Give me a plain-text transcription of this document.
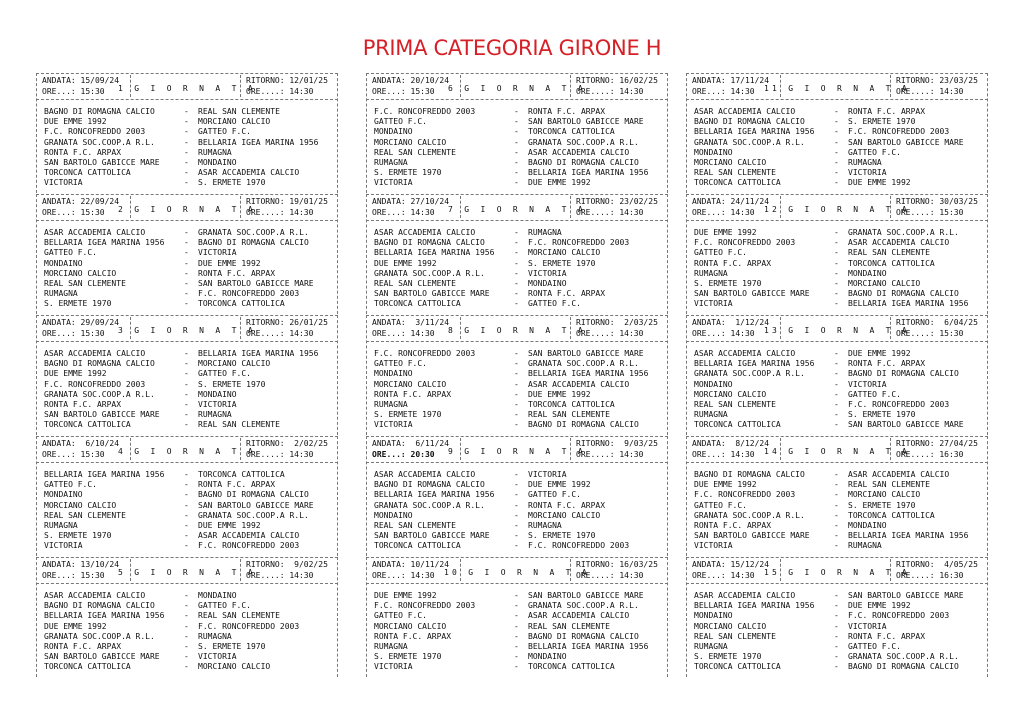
PRIMA CATEGORIA GIRONE H
ANDATA: 15/09/24
ORE...: 15:30	1 G I O R N A T A
RITORNO: 12/01/25
ORE....: 14:30
BAGNO DI ROMAGNA CALCIO	- REAL SAN CLEMENTE
DUE EMME 1992	- MORCIANO CALCIO
F.C. RONCOFREDDO 2003	- GATTEO F.C.
GRANATA SOC.COOP.A R.L.	- BELLARIA IGEA MARINA 1956
RONTA F.C. ARPAX	- RUMAGNA
SAN BARTOLO GABICCE MARE	- MONDAINO
TORCONCA CATTOLICA	- ASAR ACCADEMIA CALCIO
VICTORIA	- S. ERMETE 1970
ANDATA: 22/09/24
ORE...: 15:30	2 G I O R N A T A
RITORNO: 19/01/25
ORE....: 14:30
ASAR ACCADEMIA CALCIO	- GRANATA SOC.COOP.A R.L.
BELLARIA IGEA MARINA 1956 - BAGNO DI ROMAGNA CALCIO
GATTEO F.C.	- VICTORIA
MONDAINO	- DUE EMME 1992
MORCIANO CALCIO	- RONTA F.C. ARPAX
REAL SAN CLEMENTE	- SAN BARTOLO GABICCE MARE
RUMAGNA	- F.C. RONCOFREDDO 2003
S. ERMETE 1970	- TORCONCA CATTOLICA
ANDATA: 29/09/24
ORE...: 15:30	3 G I O R N A T A
RITORNO: 26/01/25
ORE....: 14:30
ASAR ACCADEMIA CALCIO	- BELLARIA IGEA MARINA 1956
BAGNO DI ROMAGNA CALCIO	- MORCIANO CALCIO
DUE EMME 1992	- GATTEO F.C.
F.C. RONCOFREDDO 2003	- S. ERMETE 1970
GRANATA SOC.COOP.A R.L.	- MONDAINO
RONTA F.C. ARPAX	- VICTORIA
SAN BARTOLO GABICCE MARE	- RUMAGNA
TORCONCA CATTOLICA	- REAL SAN CLEMENTE
ANDATA:  6/10/24
ORE...: 15:30	4 G I O R N A T A
RITORNO:  2/02/25
ORE....: 14:30
BELLARIA IGEA MARINA 1956 - TORCONCA CATTOLICA
GATTEO F.C.	- RONTA F.C. ARPAX
MONDAINO	- BAGNO DI ROMAGNA CALCIO
MORCIANO CALCIO	- SAN BARTOLO GABICCE MARE
REAL SAN CLEMENTE	- GRANATA SOC.COOP.A R.L.
RUMAGNA	- DUE EMME 1992
S. ERMETE 1970	- ASAR ACCADEMIA CALCIO
VICTORIA	- F.C. RONCOFREDDO 2003
ANDATA: 13/10/24
ORE...: 15:30	5 G I O R N A T A
RITORNO:  9/02/25
ORE....: 14:30
ASAR ACCADEMIA CALCIO	- MONDAINO
BAGNO DI ROMAGNA CALCIO	- GATTEO F.C.
BELLARIA IGEA MARINA 1956 - REAL SAN CLEMENTE
DUE EMME 1992	- F.C. RONCOFREDDO 2003
GRANATA SOC.COOP.A R.L.	- RUMAGNA
RONTA F.C. ARPAX	- S. ERMETE 1970
SAN BARTOLO GABICCE MARE	- VICTORIA
TORCONCA CATTOLICA	- MORCIANO CALCIO
ANDATA: 20/10/24
ORE...: 15:30	6 G I O R N A T A
RITORNO: 16/02/25
ORE....: 14:30
F.C. RONCOFREDDO 2003	- RONTA F.C. ARPAX
GATTEO F.C.	- SAN BARTOLO GABICCE MARE
MONDAINO	- TORCONCA CATTOLICA
MORCIANO CALCIO	- GRANATA SOC.COOP.A R.L.
REAL SAN CLEMENTE	- ASAR ACCADEMIA CALCIO
RUMAGNA	- BAGNO DI ROMAGNA CALCIO
S. ERMETE 1970	- BELLARIA IGEA MARINA 1956
VICTORIA	- DUE EMME 1992
ANDATA: 27/10/24
ORE...: 14:30	7 G I O R N A T A
RITORNO: 23/02/25
ORE....: 14:30
ASAR ACCADEMIA CALCIO	- RUMAGNA
BAGNO DI ROMAGNA CALCIO	- F.C. RONCOFREDDO 2003
BELLARIA IGEA MARINA 1956 - MORCIANO CALCIO
DUE EMME 1992	- S. ERMETE 1970
GRANATA SOC.COOP.A R.L.	- VICTORIA
REAL SAN CLEMENTE	- MONDAINO
SAN BARTOLO GABICCE MARE	- RONTA F.C. ARPAX
TORCONCA CATTOLICA	- GATTEO F.C.
ANDATA:  3/11/24
ORE...: 14:30	8 G I O R N A T A
RITORNO:  2/03/25
ORE....: 14:30
F.C. RONCOFREDDO 2003	- SAN BARTOLO GABICCE MARE
GATTEO F.C.	- GRANATA SOC.COOP.A R.L.
MONDAINO	- BELLARIA IGEA MARINA 1956
MORCIANO CALCIO	- ASAR ACCADEMIA CALCIO
RONTA F.C. ARPAX	- DUE EMME 1992
RUMAGNA	- TORCONCA CATTOLICA
S. ERMETE 1970	- REAL SAN CLEMENTE
VICTORIA	- BAGNO DI ROMAGNA CALCIO
ANDATA:  6/11/24
ORE...: 20:30	9 G I O R N A T A
RITORNO:  9/03/25
ORE....: 14:30
ASAR ACCADEMIA CALCIO	- VICTORIA
BAGNO DI ROMAGNA CALCIO	- DUE EMME 1992
BELLARIA IGEA MARINA 1956 - GATTEO F.C.
GRANATA SOC.COOP.A R.L.	- RONTA F.C. ARPAX
MONDAINO	- MORCIANO CALCIO
REAL SAN CLEMENTE	- RUMAGNA
SAN BARTOLO GABICCE MARE	- S. ERMETE 1970
TORCONCA CATTOLICA	- F.C. RONCOFREDDO 2003
ANDATA: 10/11/24
ORE...: 14:30	10 G I O R N A T A
RITORNO: 16/03/25
ORE....: 14:30
DUE EMME 1992	- SAN BARTOLO GABICCE MARE
F.C. RONCOFREDDO 2003	- GRANATA SOC.COOP.A R.L.
GATTEO F.C.	- ASAR ACCADEMIA CALCIO
MORCIANO CALCIO	- REAL SAN CLEMENTE
RONTA F.C. ARPAX	- BAGNO DI ROMAGNA CALCIO
RUMAGNA	- BELLARIA IGEA MARINA 1956
S. ERMETE 1970	- MONDAINO
VICTORIA	- TORCONCA CATTOLICA
ANDATA: 17/11/24
ORE...: 14:30	11 G I O R N A T A
RITORNO: 23/03/25
ORE....: 14:30
ASAR ACCADEMIA CALCIO	- RONTA F.C. ARPAX
BAGNO DI ROMAGNA CALCIO	- S. ERMETE 1970
BELLARIA IGEA MARINA 1956 - F.C. RONCOFREDDO 2003
GRANATA SOC.COOP.A R.L.	- SAN BARTOLO GABICCE MARE
MONDAINO	- GATTEO F.C.
MORCIANO CALCIO	- RUMAGNA
REAL SAN CLEMENTE	- VICTORIA
TORCONCA CATTOLICA	- DUE EMME 1992
ANDATA: 24/11/24
ORE...: 14:30	12 G I O R N A T A
RITORNO: 30/03/25
ORE....: 15:30
DUE EMME 1992	- GRANATA SOC.COOP.A R.L.
F.C. RONCOFREDDO 2003	- ASAR ACCADEMIA CALCIO
GATTEO F.C.	- REAL SAN CLEMENTE
RONTA F.C. ARPAX	- TORCONCA CATTOLICA
RUMAGNA	- MONDAINO
S. ERMETE 1970	- MORCIANO CALCIO
SAN BARTOLO GABICCE MARE	- BAGNO DI ROMAGNA CALCIO
VICTORIA	- BELLARIA IGEA MARINA 1956
ANDATA:  1/12/24
ORE...: 14:30	13 G I O R N A T A
RITORNO:  6/04/25
ORE....: 15:30
ASAR ACCADEMIA CALCIO	- DUE EMME 1992
BELLARIA IGEA MARINA 1956 - RONTA F.C. ARPAX
GRANATA SOC.COOP.A R.L.	- BAGNO DI ROMAGNA CALCIO
MONDAINO	- VICTORIA
MORCIANO CALCIO	- GATTEO F.C.
REAL SAN CLEMENTE	- F.C. RONCOFREDDO 2003
RUMAGNA	- S. ERMETE 1970
TORCONCA CATTOLICA	- SAN BARTOLO GABICCE MARE
ANDATA:  8/12/24
ORE...: 14:30	14 G I O R N A T A
RITORNO: 27/04/25
ORE....: 16:30
BAGNO DI ROMAGNA CALCIO	- ASAR ACCADEMIA CALCIO
DUE EMME 1992	- REAL SAN CLEMENTE
F.C. RONCOFREDDO 2003	- MORCIANO CALCIO
GATTEO F.C.	- S. ERMETE 1970
GRANATA SOC.COOP.A R.L.	- TORCONCA CATTOLICA
RONTA F.C. ARPAX	- MONDAINO
SAN BARTOLO GABICCE MARE	- BELLARIA IGEA MARINA 1956
VICTORIA	- RUMAGNA
ANDATA: 15/12/24
ORE...: 14:30	15 G I O R N A T A
RITORNO:  4/05/25
ORE....: 16:30
ASAR ACCADEMIA CALCIO	- SAN BARTOLO GABICCE MARE
BELLARIA IGEA MARINA 1956 - DUE EMME 1992
MONDAINO	- F.C. RONCOFREDDO 2003
MORCIANO CALCIO	- VICTORIA
REAL SAN CLEMENTE	- RONTA F.C. ARPAX
RUMAGNA	- GATTEO F.C.
S. ERMETE 1970	- GRANATA SOC.COOP.A R.L.
TORCONCA CATTOLICA	- BAGNO DI ROMAGNA CALCIO
